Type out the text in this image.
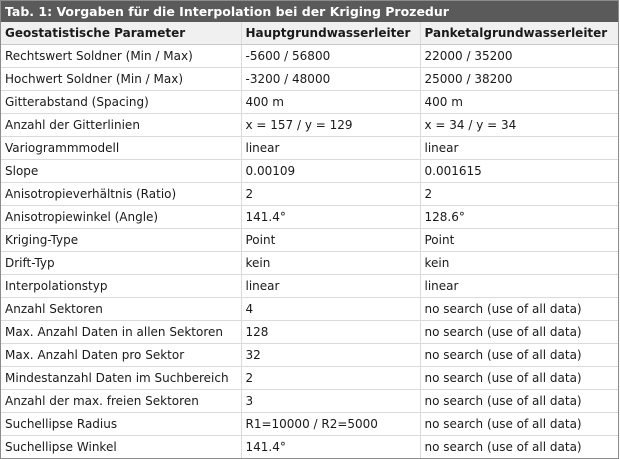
Tab. 1: Vorgaben für die Interpolation bei der Kriging Prozedur
Geostatistische Parameter	Hauptgrundwasserleiter	Panketalgrundwasserleiter
Rechtswert Soldner (Min / Max)	-5600 / 56800	22000 / 35200
Hochwert Soldner (Min / Max)	-3200 / 48000	25000 / 38200
Gitterabstand (Spacing)	400 m	400 m
Anzahl der Gitterlinien	x = 157 / y = 129	x = 34 / y = 34
Variogrammmodell	linear	linear
Slope	0.00109	0.001615
Anisotropieverhältnis (Ratio)	2	2
Anisotropiewinkel (Angle)	141.4°	128.6°
Kriging-Type	Point	Point
Drift-Typ	kein	kein
Interpolationstyp	linear	linear
Anzahl Sektoren	4	no search (use of all data)
Max. Anzahl Daten in allen Sektoren	128	no search (use of all data)
Max. Anzahl Daten pro Sektor	32	no search (use of all data)
Mindestanzahl Daten im Suchbereich	2	no search (use of all data)
Anzahl der max. freien Sektoren	3	no search (use of all data)
Suchellipse Radius	R1=10000 / R2=5000	no search (use of all data)
Suchellipse Winkel	141.4°	no search (use of all data)
